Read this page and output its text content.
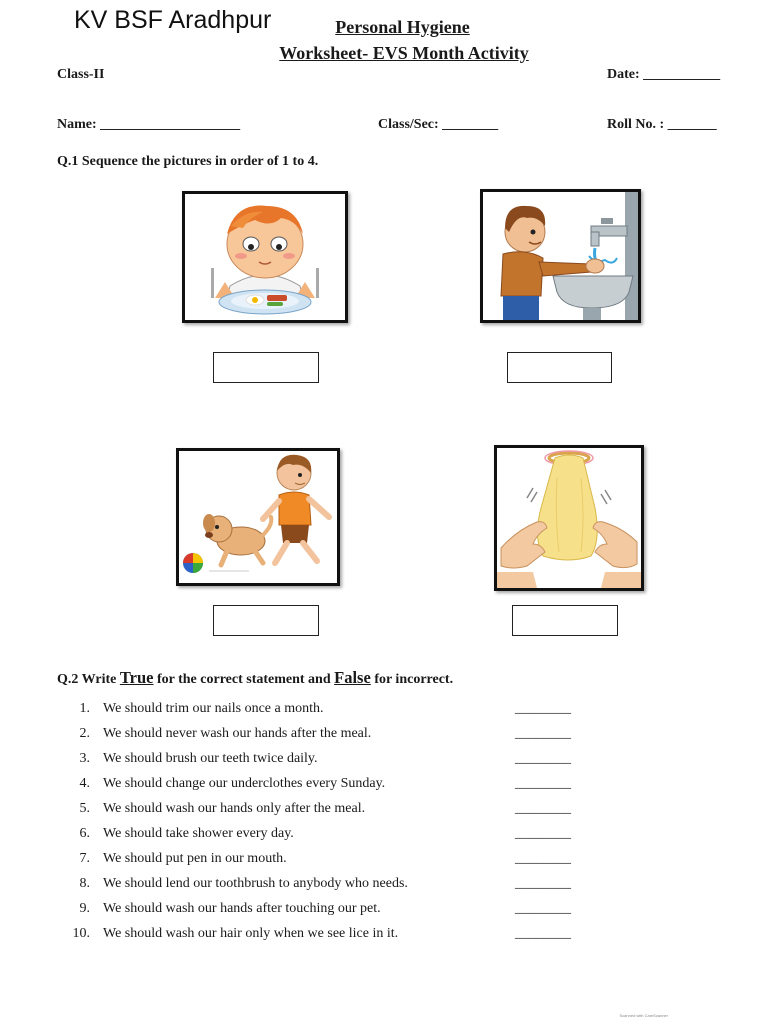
KV BSF Aradhpur	Personal Hygiene
Worksheet- EVS Month Activity
Class-II	Date: ___________
Name: ____________________	Class/Sec: ________	Roll No. : _______
Q.1 Sequence the pictures in order of 1 to 4.
Q.2 Write True for the correct statement and False for incorrect.
1. We should trim our nails once a month.	________
2. We should never wash our hands after the meal.	________
3. We should brush our teeth twice daily.	________
4. We should change our underclothes every Sunday.	________
5. We should wash our hands only after the meal.	________
6. We should take shower every day.	________
7. We should put pen in our mouth.	________
8. We should lend our toothbrush to anybody who needs.	________
9. We should wash our hands after touching our pet.	________
10. We should wash our hair only when we see lice in it.	________
Scanned with CamScanner
